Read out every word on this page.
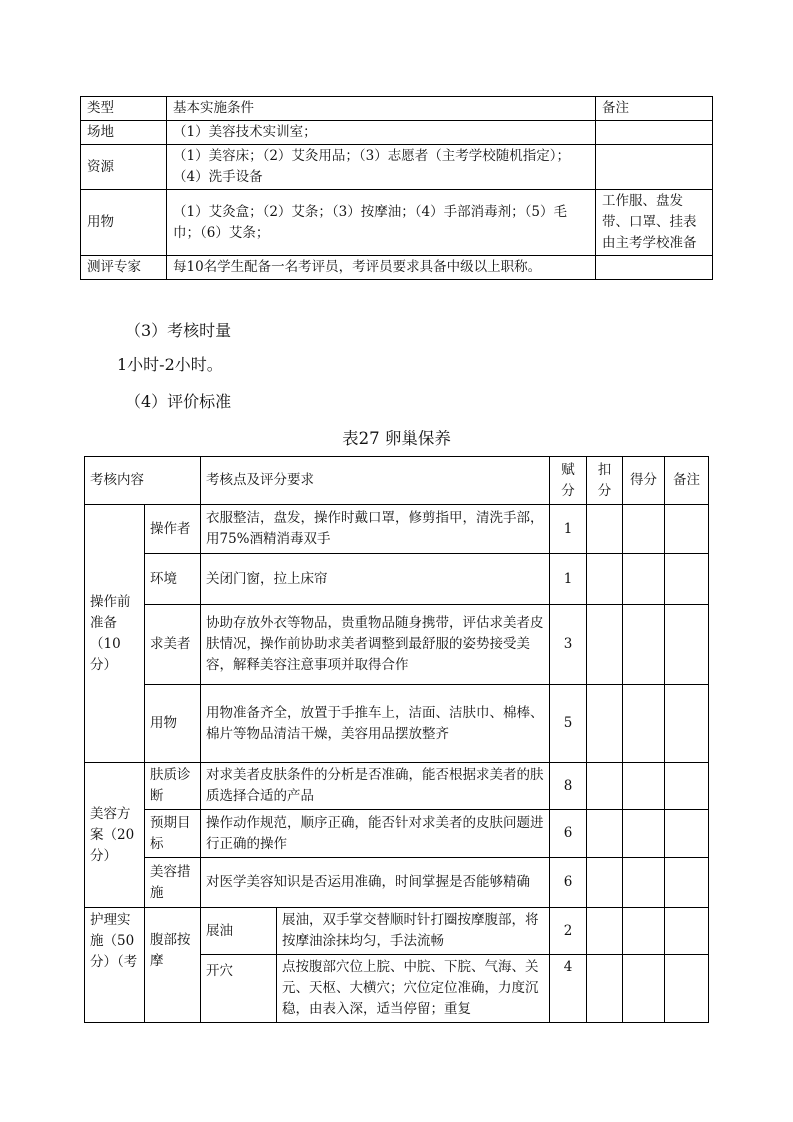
类型	基本实施条件	备注
场地	（1）美容技术实训室；	
资源	（1）美容床；（2）艾灸用品；（3）志愿者（主考学校随机指定）；（4）洗手设备	
用物	（1）艾灸盒；（2）艾条；（3）按摩油；（4）手部消毒剂；（5）毛巾；（6）艾条；	工作服、盘发带、口罩、挂表由主考学校准备
测评专家	每10名学生配备一名考评员，考评员要求具备中级以上职称。	
（3）考核时量
1小时-2小时。
（4）评价标准
表27 卵巢保养
考核内容		考核点及评分要求		赋分	扣分	得分	备注
操作前准备（10分）	操作者	衣服整洁，盘发，操作时戴口罩，修剪指甲，清洗手部，用75%酒精消毒双手		1			
	环境	关闭门窗，拉上床帘		1			
	求美者	协助存放外衣等物品，贵重物品随身携带，评估求美者皮肤情况，操作前协助求美者调整到最舒服的姿势接受美容，解释美容注意事项并取得合作		3			
	用物	用物准备齐全，放置于手推车上，洁面、洁肤巾、棉棒、棉片等物品清洁干燥，美容用品摆放整齐		5			
美容方案（20分）	肤质诊断	对求美者皮肤条件的分析是否准确，能否根据求美者的肤质选择合适的产品		8			
	预期目标	操作动作规范，顺序正确，能否针对求美者的皮肤问题进行正确的操作		6			
	美容措施	对医学美容知识是否运用准确，时间掌握是否能够精确		6			
护理实施（50分）（考	腹部按摩	展油	展油，双手掌交替顺时针打圈按摩腹部，将按摩油涂抹均匀，手法流畅	2			
		开穴	点按腹部穴位上脘、中脘、下脘、气海、关元、天枢、大横穴；穴位定位准确，力度沉稳，由表入深，适当停留；重复	4			
